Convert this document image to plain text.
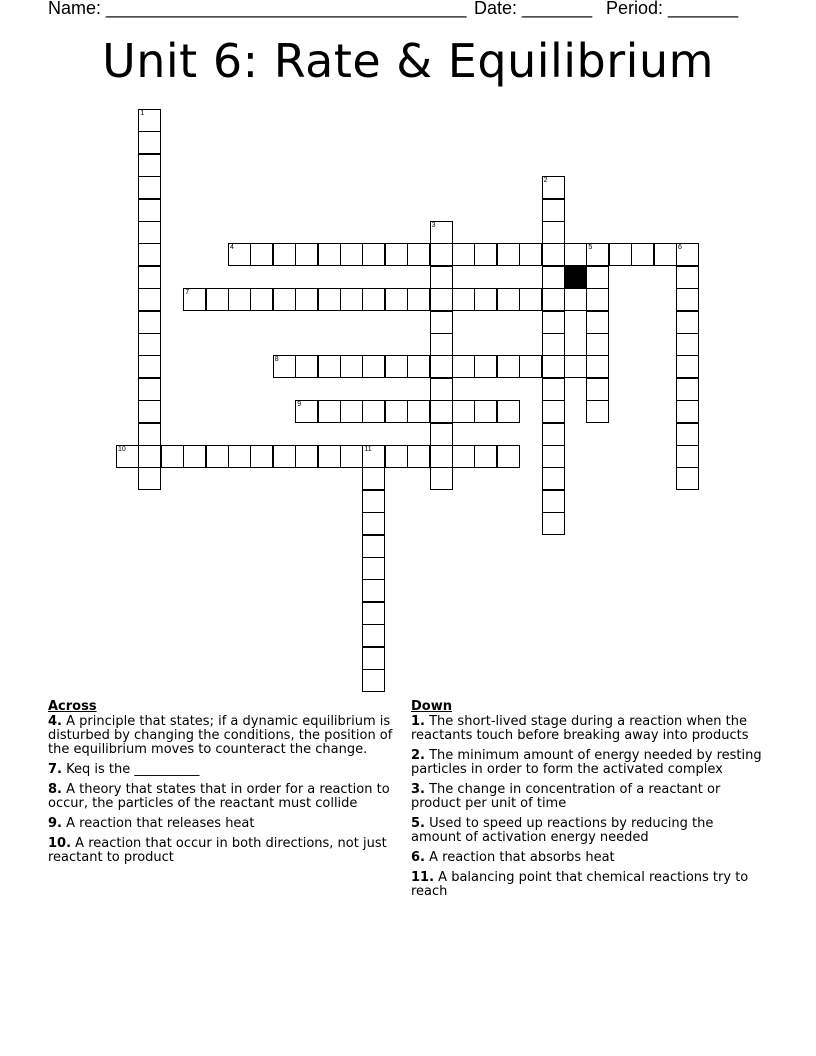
Name: ____________________________________ Date: _______ Period: _______
Unit 6: Rate & Equilibrium
1
2
3
4	5	6
7
8
9
10	11
Across
4. A principle that states; if a dynamic equilibrium is disturbed by changing the conditions, the position of the equilibrium moves to counteract the change.
7. Keq is the __________
8. A theory that states that in order for a reaction to occur, the particles of the reactant must collide
9. A reaction that releases heat
10. A reaction that occur in both directions, not just reactant to product
Down
1. The short-lived stage during a reaction when the reactants touch before breaking away into products
2. The minimum amount of energy needed by resting particles in order to form the activated complex
3. The change in concentration of a reactant or product per unit of time
5. Used to speed up reactions by reducing the amount of activation energy needed
6. A reaction that absorbs heat
11. A balancing point that chemical reactions try to reach
